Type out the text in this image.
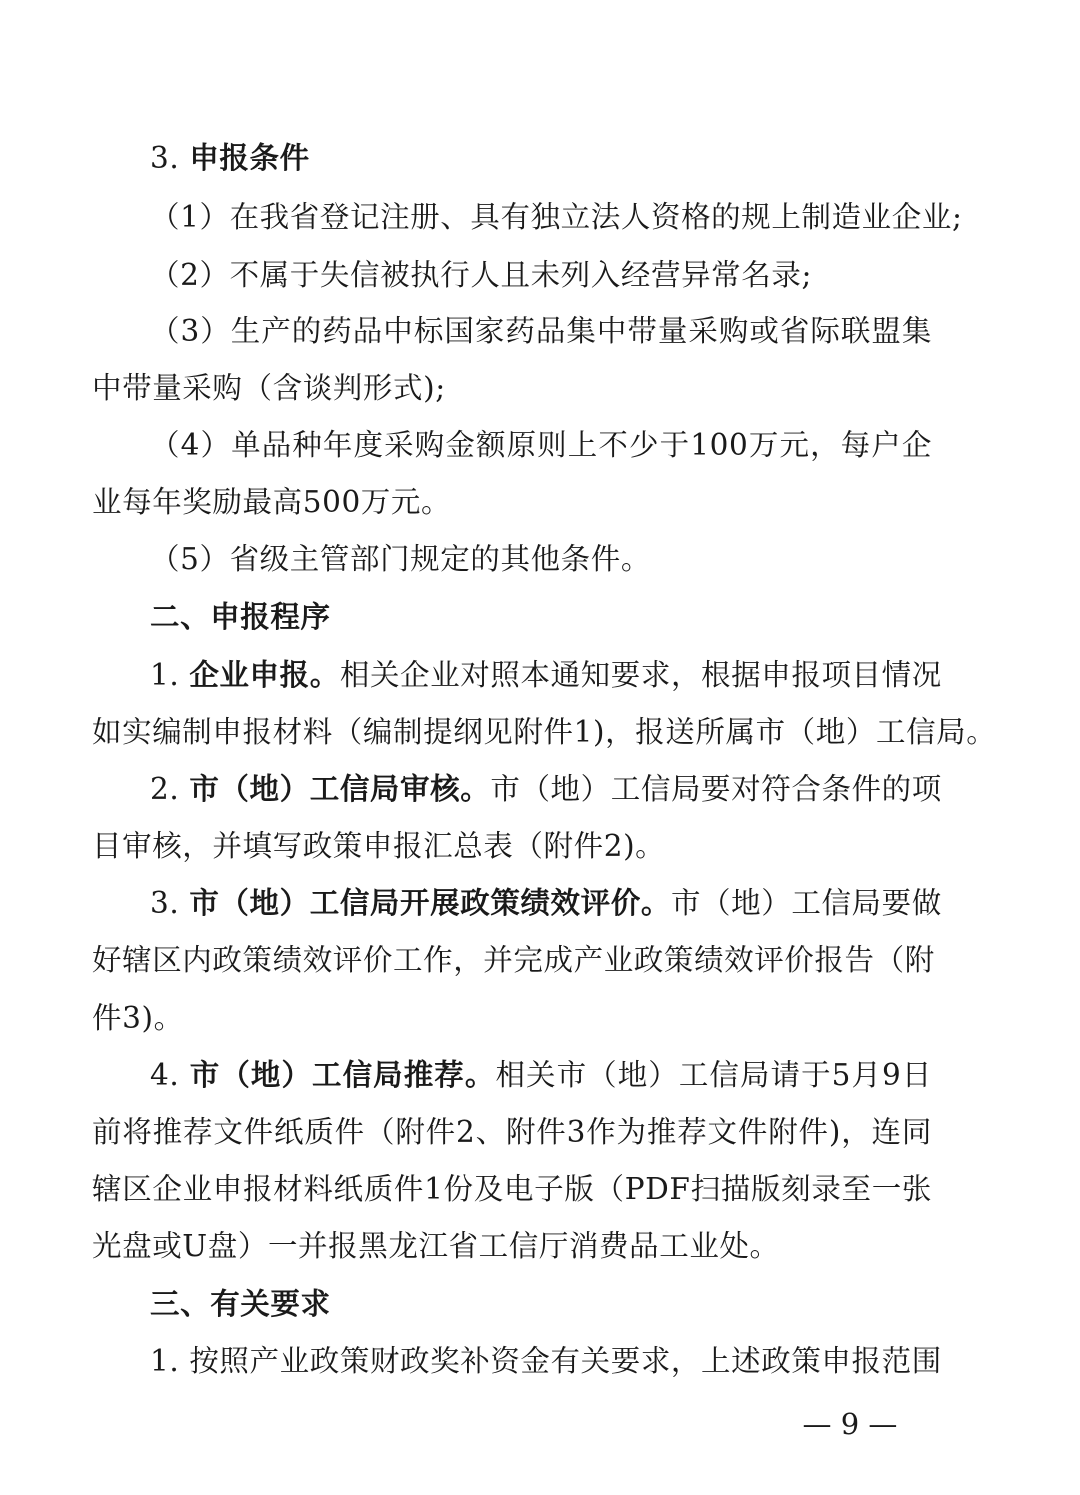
3. 申报条件
（1）在我省登记注册、具有独立法人资格的规上制造业企业;
（2）不属于失信被执行人且未列入经营异常名录;
（3）生产的药品中标国家药品集中带量采购或省际联盟集
中带量采购（含谈判形式);
（4）单品种年度采购金额原则上不少于100万元，每户企
业每年奖励最高500万元。
（5）省级主管部门规定的其他条件。
二、申报程序
1. 企业申报。相关企业对照本通知要求，根据申报项目情况
如实编制申报材料（编制提纲见附件1)，报送所属市（地）工信局。
2. 市（地）工信局审核。市（地）工信局要对符合条件的项
目审核，并填写政策申报汇总表（附件2)。
3. 市（地）工信局开展政策绩效评价。市（地）工信局要做
好辖区内政策绩效评价工作，并完成产业政策绩效评价报告（附
件3)。
4. 市（地）工信局推荐。相关市（地）工信局请于5月9日
前将推荐文件纸质件（附件2、附件3作为推荐文件附件)，连同
辖区企业申报材料纸质件1份及电子版（PDF扫描版刻录至一张
光盘或U盘）一并报黑龙江省工信厅消费品工业处。
三、有关要求
1. 按照产业政策财政奖补资金有关要求，上述政策申报范围
— 9 —
